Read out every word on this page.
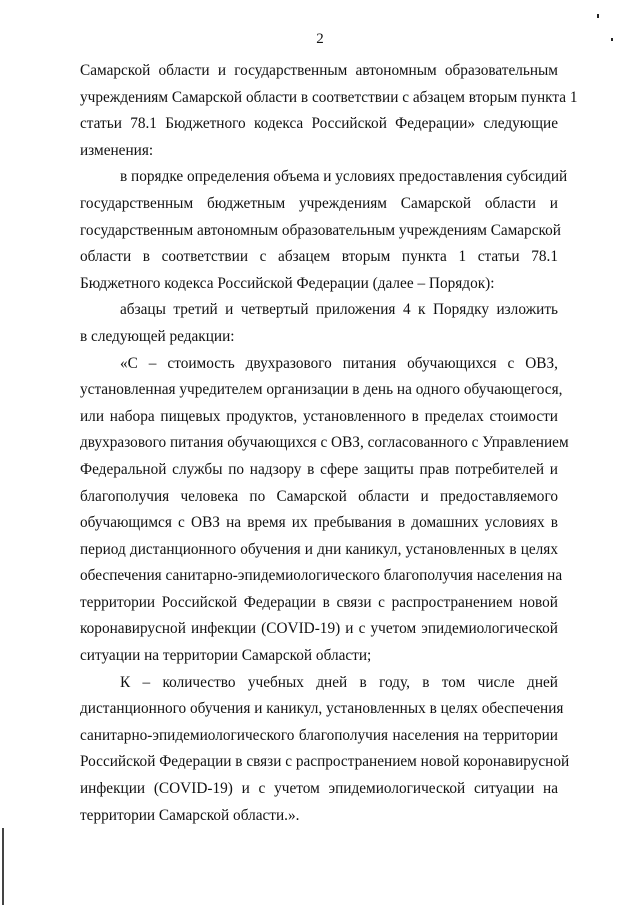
2
Самарской области и государственным автономным образовательным
учреждениям Самарской области в соответствии с абзацем вторым пункта 1
статьи 78.1 Бюджетного кодекса Российской Федерации» следующие
изменения:
в порядке определения объема и условиях предоставления субсидий
государственным бюджетным учреждениям Самарской области и
государственным автономным образовательным учреждениям Самарской
области в соответствии с абзацем вторым пункта 1 статьи 78.1
Бюджетного кодекса Российской Федерации (далее – Порядок):
абзацы третий и четвертый приложения 4 к Порядку изложить
в следующей редакции:
«С – стоимость двухразового питания обучающихся с ОВЗ,
установленная учредителем организации в день на одного обучающегося,
или набора пищевых продуктов, установленного в пределах стоимости
двухразового питания обучающихся с ОВЗ, согласованного с Управлением
Федеральной службы по надзору в сфере защиты прав потребителей и
благополучия человека по Самарской области и предоставляемого
обучающимся с ОВЗ на время их пребывания в домашних условиях в
период дистанционного обучения и дни каникул, установленных в целях
обеспечения санитарно-эпидемиологического благополучия населения на
территории Российской Федерации в связи с распространением новой
коронавирусной инфекции (COVID-19) и с учетом эпидемиологической
ситуации на территории Самарской области;
К – количество учебных дней в году, в том числе дней
дистанционного обучения и каникул, установленных в целях обеспечения
санитарно-эпидемиологического благополучия населения на территории
Российской Федерации в связи с распространением новой коронавирусной
инфекции (COVID-19) и с учетом эпидемиологической ситуации на
территории Самарской области.».
